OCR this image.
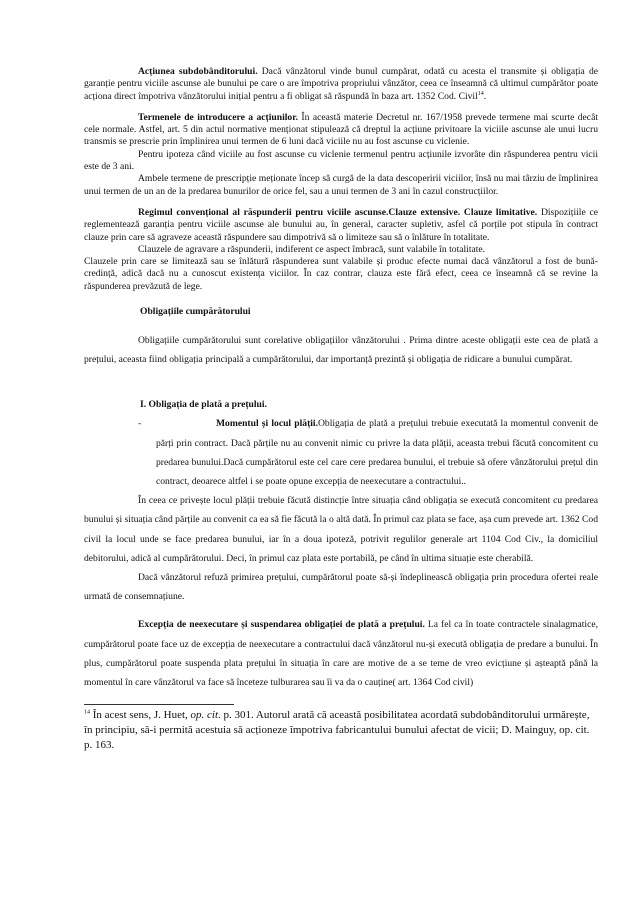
Acțiunea subdobânditorului. Dacă vânzătorul vinde bunul cumpărat, odată cu acesta el transmite și obligația de garanție pentru viciile ascunse ale bunului pe care o are împotriva propriului vânzător, ceea ce înseamnă că ultimul cumpărător poate acționa direct împotriva vânzătorului inițial pentru a fi obligat să răspundă în baza art. 1352 Cod. Civil$^{14}$.

Termenele de introducere a acțiunilor. În această materie Decretul nr. 167/1958 prevede termene mai scurte decât cele normale. Astfel, art. 5 din actul normative menționat stipulează că dreptul la acțiune privitoare la viciile ascunse ale unui lucru transmis se prescrie prin împlinirea unui termen de 6 luni dacă viciile nu au fost ascunse cu viclenie.

Pentru ipoteza când viciile au fost ascunse cu viclenie termenul pentru acțiunile izvorâte din răspunderea pentru vicii este de 3 ani.

Ambele termene de prescripție meționate încep să curgă de la data descoperirii viciilor, însă nu mai târziu de împlinirea unui termen de un an de la predarea bunurilor de orice fel, sau a unui termen de 3 ani în cazul construcțiilor.

Regimul convențional al răspunderii pentru viciile ascunse.Clauze extensive. Clauze limitative. Dispozițiile ce reglementează garanția pentru viciile ascunse ale bunului au, în general, caracter supletiv, asfel că porțile pot stipula în contract clauze prin care să agraveze această răspundere sau dimpotrivă să o limiteze sau să o înlăture în totalitate.

Clauzele de agravare a răspunderii, indiferent ce aspect îmbracă, sunt valabile în totalitate.

Clauzele prin care se limitează sau se înlătură răspunderea sunt valabile și produc efecte numai dacă vânzătorul a fost de bună-credință, adică dacă nu a cunoscut existența viciilor. În caz contrar, clauza este fără efect, ceea ce înseamnă că se revine la răspunderea prevăzută de lege.

Obligațiile cumpărătorului

Obligațiile cumpărătorului sunt corelative obligațiilor vânzătorului . Prima dintre aceste obligații este cea de plată a prețului, aceasta fiind obligația principală a cumpărătorului, dar importanță prezintă și obligația de ridicare a bunului cumpărat.

I. Obligația de plată a prețului.
-	Momentul și locul plății.Obligația de plată a prețului trebuie executată la momentul convenit de părți prin contract. Dacă părțile nu au convenit nimic cu privre la data plății, aceasta trebui făcută concomitent cu predarea bunului.Dacă cumpărătorul este cel care cere predarea bunului, el trebuie să ofere vânzătorului prețul din contract, deoarece altfel i se poate opune excepția de neexecutare a contractului..

În ceea ce privește locul plății trebuie făcută distincție între situația când obligația se execută concomitent cu predarea bunului și situația când părțile au convenit ca ea să fie făcută la o altă dată. În primul caz plata se face, așa cum prevede art. 1362 Cod civil la locul unde se face predarea bunului, iar în a doua ipoteză, potrivit regulilor generale art 1104 Cod Civ., la domiciliul debitorului, adică al cumpărătorului. Deci, în primul caz plata este portabilă, pe când în ultima situație este cherabilă.

Dacă vânzătorul refuză primirea prețului, cumpărătorul poate să-și îndeplinească obligația prin procedura ofertei reale urmată de consemnațiune.

Excepția de neexecutare și suspendarea obligației de plată a prețului. La fel ca în toate contractele sinalagmatice, cumpărătorul poate face uz de excepția de neexecutare a contractului dacă vânzătorul nu-și execută obligația de predare a bunului. În plus, cumpărătorul poate suspenda plata prețului în situația în care are motive de a se teme de vreo evicțiune și așteaptă până la momentul în care vânzătorul va face să înceteze tulburarea sau îi va da o cauține( art. 1364 Cod civil)

$^{14}$ În acest sens, J. Huet, op. cit. p. 301. Autorul arată că această posibilitatea acordată subdobânditorului urmărește, în principiu, să-i permită acestuia să acționeze împotriva fabricantului bunului afectat de vicii; D. Mainguy, op. cit. p. 163.
